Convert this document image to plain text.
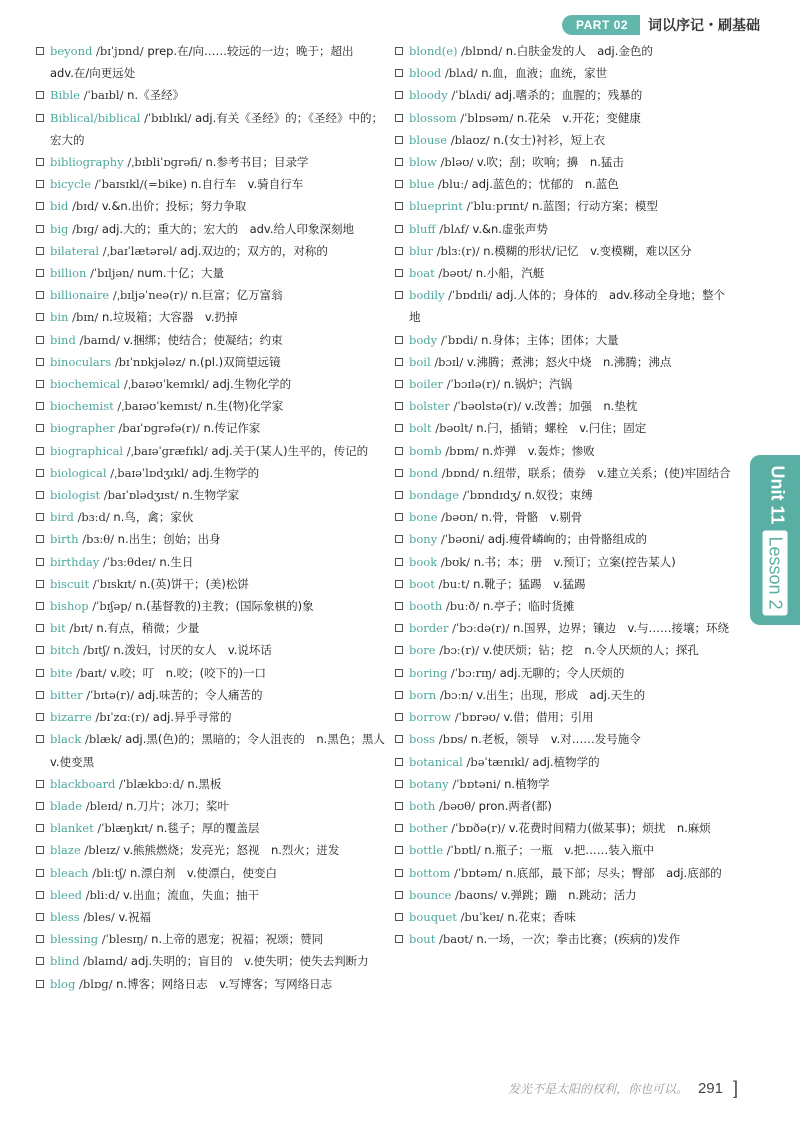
PART 02	词以序记・刷基础
beyond /bɪˈjɒnd/ prep.在/向……较远的一边；晚于；超出　adv.在/向更远处
Bible /ˈbaɪbl/ n.《圣经》
Biblical/biblical /ˈbɪblɪkl/ adj.有关《圣经》的；《圣经》中的；宏大的
bibliography /ˌbɪbliˈɒɡrəfi/ n.参考书目；目录学
bicycle /ˈbaɪsɪkl/(=bike) n.自行车　v.骑自行车
bid /bɪd/ v.&n.出价；投标；努力争取
big /bɪɡ/ adj.大的；重大的；宏大的　adv.给人印象深刻地
bilateral /ˌbaɪˈlætərəl/ adj.双边的；双方的，对称的
billion /ˈbɪljən/ num.十亿；大量
billionaire /ˌbɪljəˈneə(r)/ n.巨富；亿万富翁
bin /bɪn/ n.垃圾箱；大容器　v.扔掉
bind /baɪnd/ v.捆绑；使结合；使凝结；约束
binoculars /bɪˈnɒkjələz/ n.(pl.)双筒望远镜
biochemical /ˌbaɪəʊˈkemɪkl/ adj.生物化学的
biochemist /ˌbaɪəʊˈkemɪst/ n.生(物)化学家
biographer /baɪˈɒɡrəfə(r)/ n.传记作家
biographical /ˌbaɪəˈɡræfɪkl/ adj.关于(某人)生平的，传记的
biological /ˌbaɪəˈlɒdʒɪkl/ adj.生物学的
biologist /baɪˈɒlədʒɪst/ n.生物学家
bird /bɜːd/ n.鸟，禽；家伙
birth /bɜːθ/ n.出生；创始；出身
birthday /ˈbɜːθdeɪ/ n.生日
biscuit /ˈbɪskɪt/ n.(英)饼干；(美)松饼
bishop /ˈbɪʃəp/ n.(基督教的)主教；(国际象棋的)象
bit /bɪt/ n.有点，稍微；少量
bitch /bɪtʃ/ n.泼妇，讨厌的女人　v.说坏话
bite /baɪt/ v.咬；叮　n.咬；(咬下的)一口
bitter /ˈbɪtə(r)/ adj.味苦的；令人痛苦的
bizarre /bɪˈzɑː(r)/ adj.异乎寻常的
black /blæk/ adj.黑(色)的；黑暗的；令人沮丧的　n.黑色；黑人　v.使变黑
blackboard /ˈblækbɔːd/ n.黑板
blade /bleɪd/ n.刀片；冰刀；桨叶
blanket /ˈblæŋkɪt/ n.毯子；厚的覆盖层
blaze /bleɪz/ v.熊熊燃烧；发亮光；怒视　n.烈火；迸发
bleach /bliːtʃ/ n.漂白剂　v.使漂白，使变白
bleed /bliːd/ v.出血；流血，失血；抽干
bless /bles/ v.祝福
blessing /ˈblesɪŋ/ n.上帝的恩宠；祝福；祝颂；赞同
blind /blaɪnd/ adj.失明的；盲目的　v.使失明；使失去判断力
blog /blɒɡ/ n.博客；网络日志　v.写博客；写网络日志
blond(e) /blɒnd/ n.白肤金发的人　adj.金色的
blood /blʌd/ n.血，血液；血统，家世
bloody /ˈblʌdi/ adj.嗜杀的；血腥的；残暴的
blossom /ˈblɒsəm/ n.花朵　v.开花；变健康
blouse /blaʊz/ n.(女士)衬衫，短上衣
blow /bləʊ/ v.吹；刮；吹响；擤　n.猛击
blue /bluː/ adj.蓝色的；忧郁的　n.蓝色
blueprint /ˈbluːprɪnt/ n.蓝图；行动方案；模型
bluff /blʌf/ v.&n.虚张声势
blur /blɜː(r)/ n.模糊的形状/记忆　v.变模糊，难以区分
boat /bəʊt/ n.小船，汽艇
bodily /ˈbɒdɪli/ adj.人体的；身体的　adv.移动全身地；整个地
body /ˈbɒdi/ n.身体；主体；团体；大量
boil /bɔɪl/ v.沸腾；煮沸；怒火中烧　n.沸腾；沸点
boiler /ˈbɔɪlə(r)/ n.锅炉；汽锅
bolster /ˈbəʊlstə(r)/ v.改善；加强　n.垫枕
bolt /bəʊlt/ n.闩，插销；螺栓　v.闩住；固定
bomb /bɒm/ n.炸弹　v.轰炸；惨败
bond /bɒnd/ n.纽带，联系；债券　v.建立关系；(使)牢固结合
bondage /ˈbɒndɪdʒ/ n.奴役；束缚
bone /bəʊn/ n.骨，骨骼　v.剔骨
bony /ˈbəʊni/ adj.瘦骨嶙峋的；由骨骼组成的
book /bʊk/ n.书；本；册　v.预订；立案(控告某人)
boot /buːt/ n.靴子；猛踢　v.猛踢
booth /buːð/ n.亭子；临时货摊
border /ˈbɔːdə(r)/ n.国界，边界；镶边　v.与……接壤；环绕
bore /bɔː(r)/ v.使厌烦；钻；挖　n.令人厌烦的人；探孔
boring /ˈbɔːrɪŋ/ adj.无聊的；令人厌烦的
born /bɔːn/ v.出生；出现，形成　adj.天生的
borrow /ˈbɒrəʊ/ v.借；借用；引用
boss /bɒs/ n.老板，领导　v.对……发号施令
botanical /bəˈtænɪkl/ adj.植物学的
botany /ˈbɒtəni/ n.植物学
both /bəʊθ/ pron.两者(都)
bother /ˈbɒðə(r)/ v.花费时间精力(做某事)；烦扰　n.麻烦
bottle /ˈbɒtl/ n.瓶子；一瓶　v.把……装入瓶中
bottom /ˈbɒtəm/ n.底部，最下部；尽头；臀部　adj.底部的
bounce /baʊns/ v.弹跳；蹦　n.跳动；活力
bouquet /buˈkeɪ/ n.花束；香味
bout /baʊt/ n.一场，一次；拳击比赛；(疾病的)发作
Unit 11
Lesson 2
发光不是太阳的权利，你也可以。 291 ]
